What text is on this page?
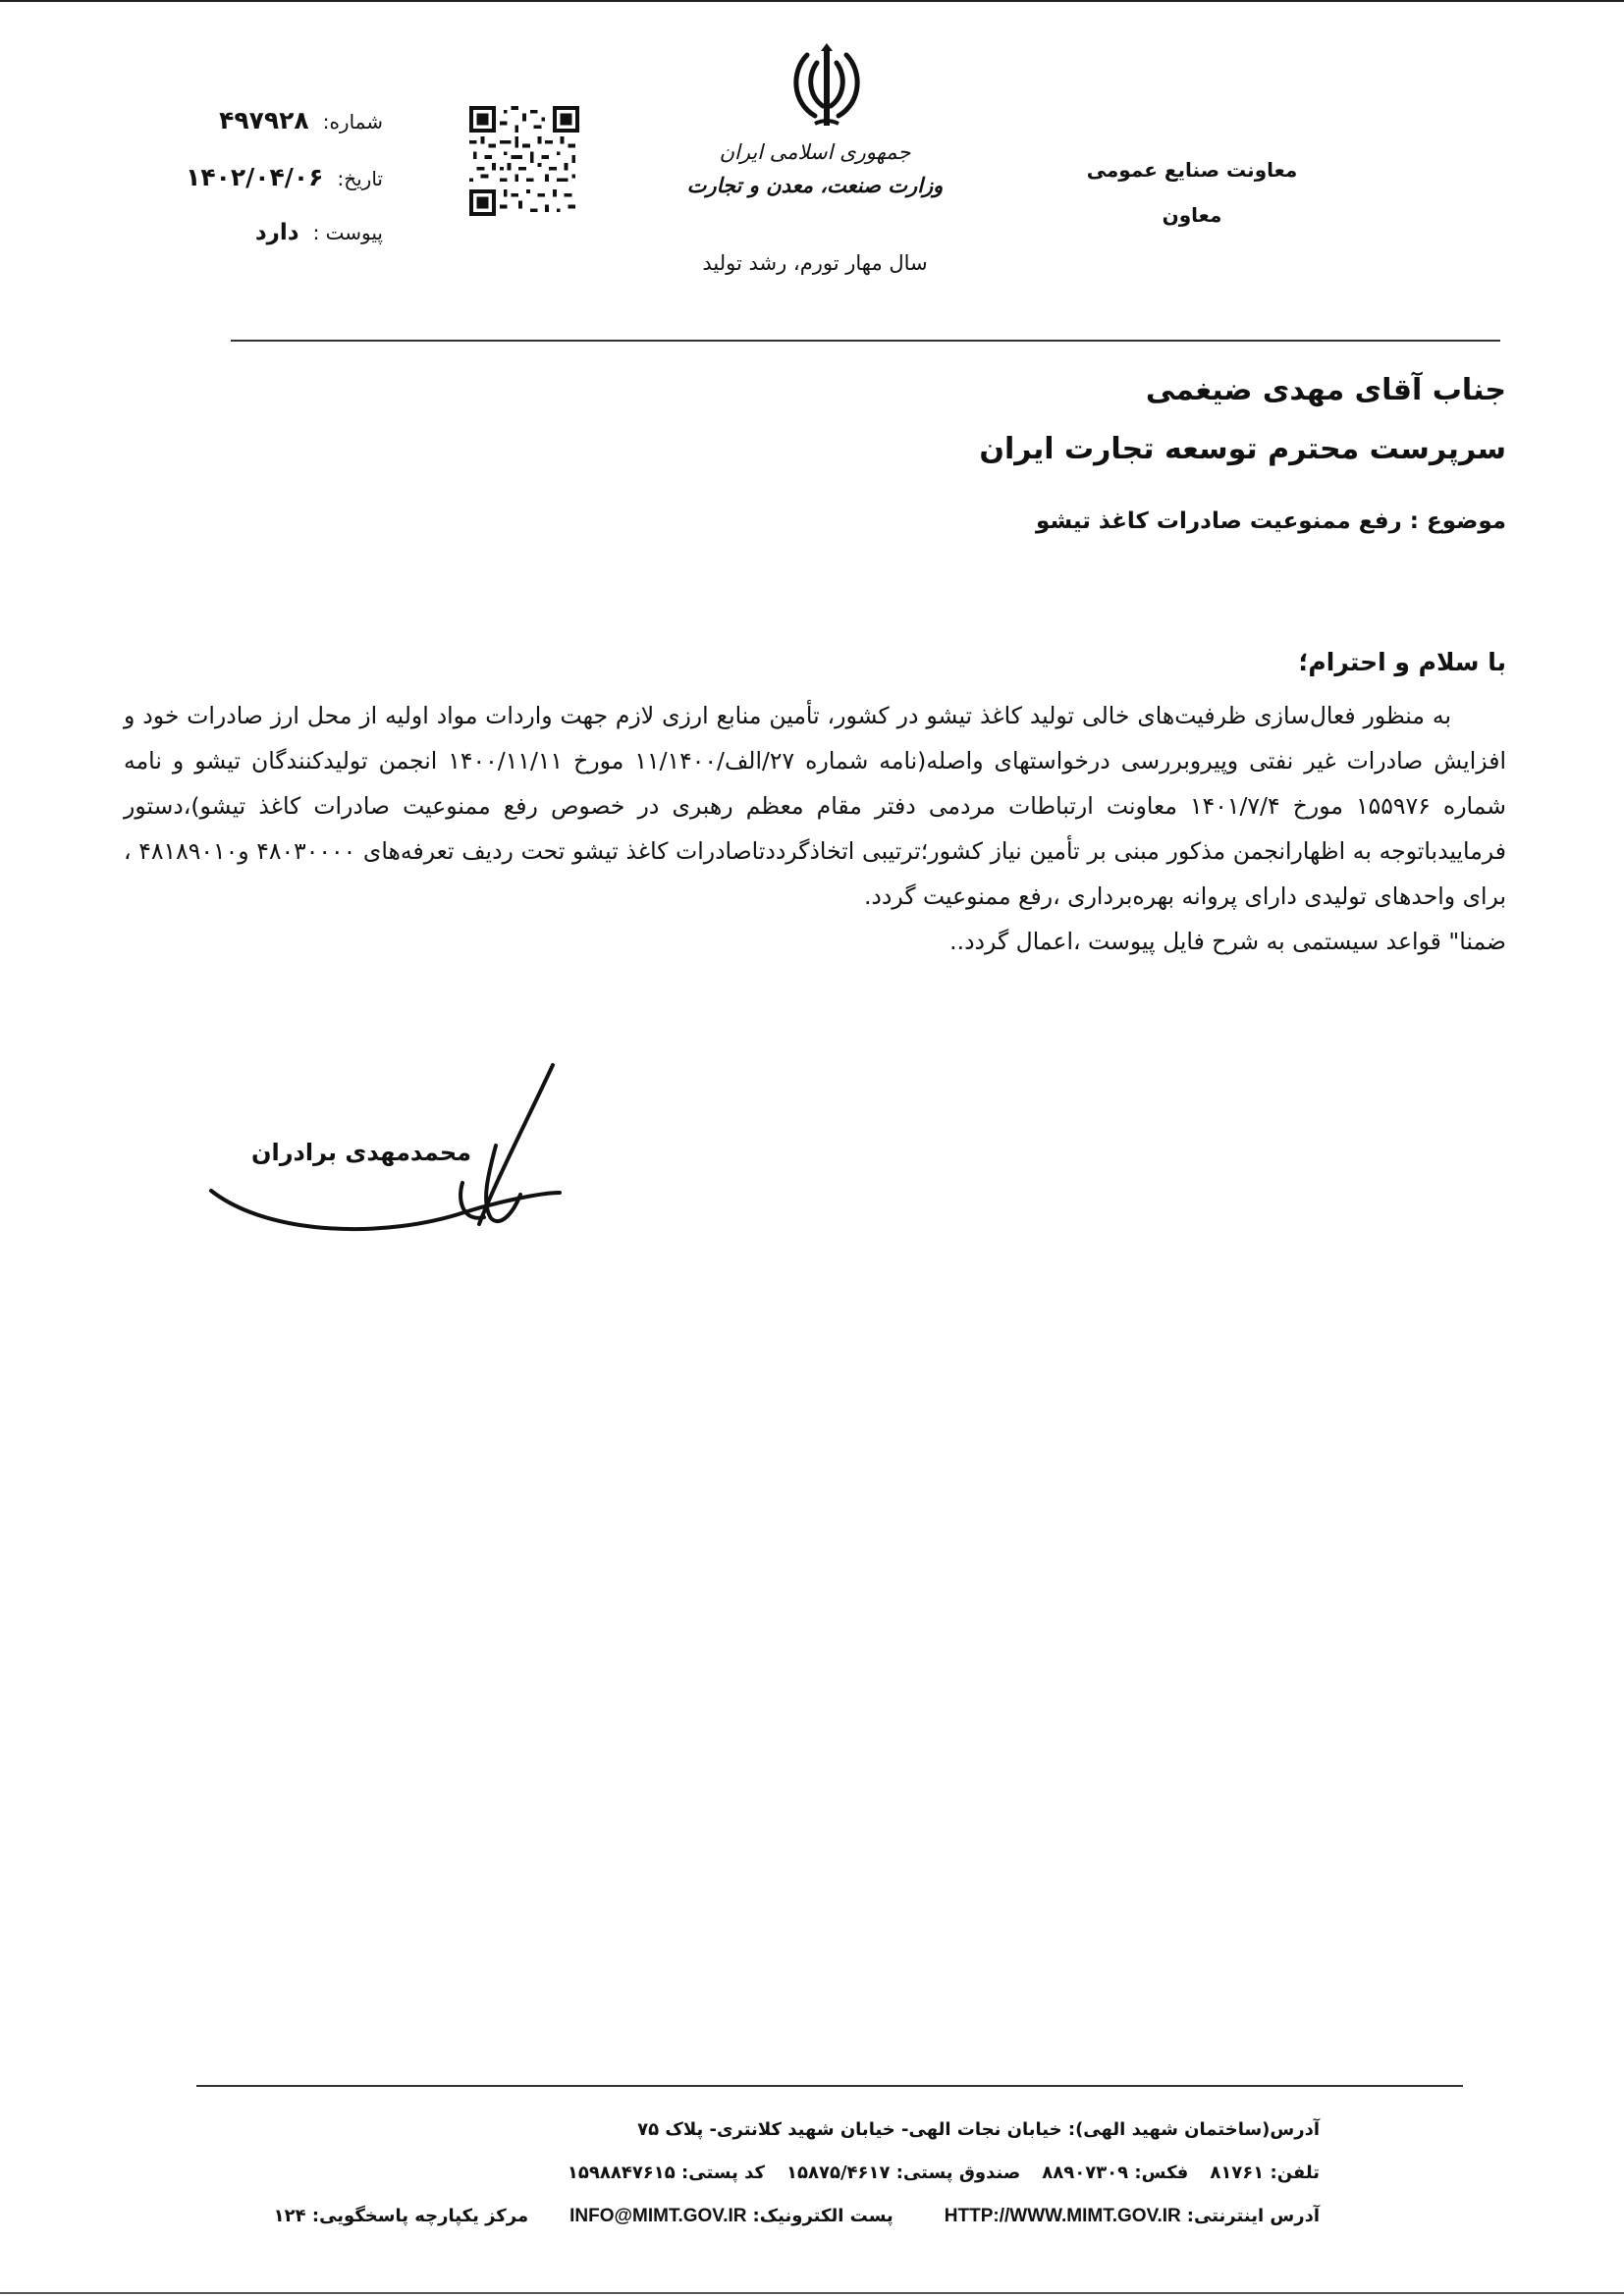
معاونت صنایع عمومی
معاون
جمهوری اسلامی ایران
وزارت صنعت، معدن و تجارت
سال مهار تورم، رشد تولید
شماره:
۴۹۷۹۲۸
تاریخ:
۱۴۰۲/۰۴/۰۶
پیوست :
دارد
جناب آقای مهدی ضیغمی
سرپرست محترم توسعه تجارت ایران
موضوع : رفع ممنوعیت صادرات کاغذ تیشو
با سلام و احترام؛

به منظور فعال‌سازی ظرفیت‌های خالی تولید کاغذ تیشو در کشور، تأمین منابع ارزی لازم جهت واردات مواد اولیه از محل ارز صادرات خود و افزایش صادرات غیر نفتی وپیروبررسی درخواستهای واصله(نامه شماره ۲۷/الف/۱۱/۱۴۰۰ مورخ ۱۴۰۰/۱۱/۱۱ انجمن تولیدکنندگان تیشو و نامه شماره ۱۵۵۹۷۶ مورخ ۱۴۰۱/۷/۴ معاونت ارتباطات مردمی دفتر مقام معظم رهبری در خصوص رفع ممنوعیت صادرات کاغذ تیشو)،دستور فرمایید‌باتوجه به اظهارانجمن مذکور مبنی بر تأمین نیاز کشور؛ترتیبی اتخاذگرددتاصادرات کاغذ تیشو تحت ردیف تعرفه‌های ۴۸۰۳۰۰۰۰ و۴۸۱۸۹۰۱۰ ، برای واحدهای تولیدی دارای پروانه بهره‌برداری ،رفع ممنوعیت گردد.

ضمنا" قواعد سیستمی به شرح فایل پیوست ،اعمال گردد..

محمدمهدی برادران
آدرس(ساختمان شهید الهی): خیابان نجات الهی- خیابان شهید کلانتری- پلاک ۷۵
تلفن: ۸۱۷۶۱
فکس: ۸۸۹۰۷۳۰۹
صندوق پستی: ۱۵۸۷۵/۴۶۱۷
کد پستی: ۱۵۹۸۸۴۷۶۱۵
آدرس اینترنتی:
HTTP://WWW.MIMT.GOV.IR
پست الکترونیک:
INFO@MIMT.GOV.IR
مرکز یکپارچه پاسخگویی: ۱۲۴
